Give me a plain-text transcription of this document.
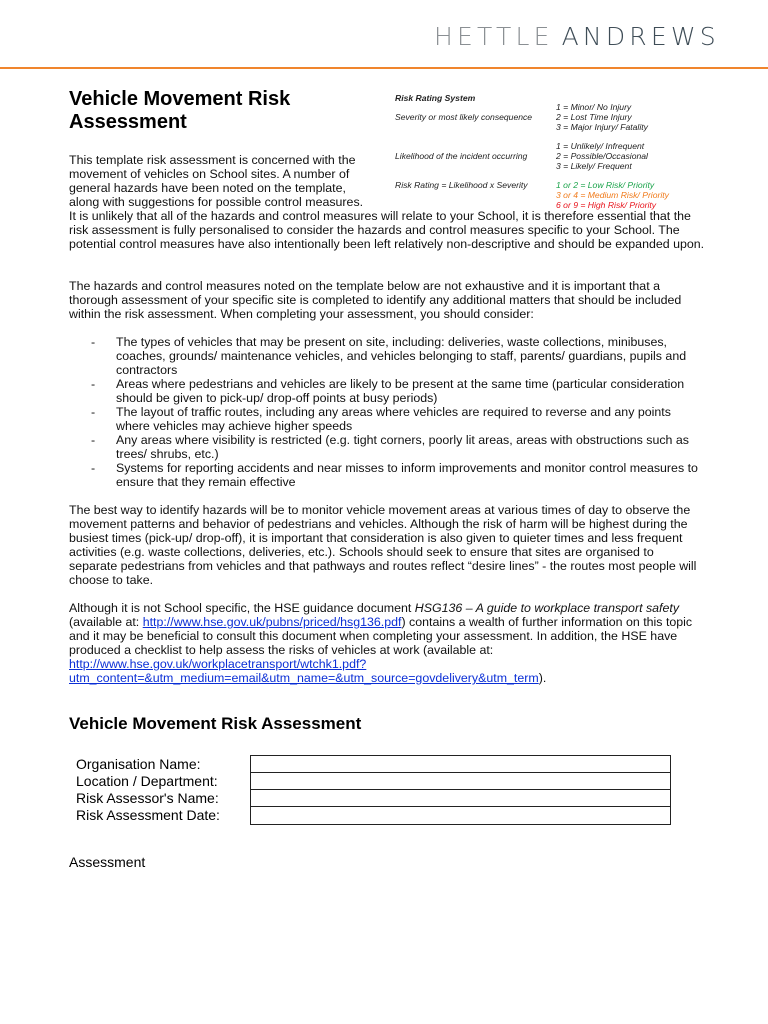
HETTLE ANDREWS
Vehicle Movement Risk Assessment
Risk Rating System
Severity or most likely consequence
1 = Minor/ No Injury
2 = Lost Time Injury
3 = Major Injury/ Fatality
Likelihood of the incident occurring
1 = Unlikely/ Infrequent
2 = Possible/Occasional
3 = Likely/ Frequent
Risk Rating = Likelihood x Severity	1 or 2 = Low Risk/ Priority
3 or 4 = Medium Risk/ Priority
6 or 9 = High Risk/ Priority
This template risk assessment is concerned with the
movement of vehicles on School sites. A number of
general hazards have been noted on the template,
along with suggestions for possible control measures.

It is unlikely that all of the hazards and control measures will relate to your School, it is therefore essential that the risk assessment is fully personalised to consider the hazards and control measures specific to your School. The potential control measures have also intentionally been left relatively non-descriptive and should be expanded upon.

The hazards and control measures noted on the template below are not exhaustive and it is important that a thorough assessment of your specific site is completed to identify any additional matters that should be included within the risk assessment. When completing your assessment, you should consider:

- The types of vehicles that may be present on site, including: deliveries, waste collections, minibuses, coaches, grounds/ maintenance vehicles, and vehicles belonging to staff, parents/ guardians, pupils and contractors
- Areas where pedestrians and vehicles are likely to be present at the same time (particular consideration should be given to pick-up/ drop-off points at busy periods)
- The layout of traffic routes, including any areas where vehicles are required to reverse and any points where vehicles may achieve higher speeds
- Any areas where visibility is restricted (e.g. tight corners, poorly lit areas, areas with obstructions such as trees/ shrubs, etc.)
- Systems for reporting accidents and near misses to inform improvements and monitor control measures to ensure that they remain effective

The best way to identify hazards will be to monitor vehicle movement areas at various times of day to observe the movement patterns and behavior of pedestrians and vehicles. Although the risk of harm will be highest during the busiest times (pick-up/ drop-off), it is important that consideration is also given to quieter times and less frequent activities (e.g. waste collections, deliveries, etc.). Schools should seek to ensure that sites are organised to separate pedestrians from vehicles and that pathways and routes reflect “desire lines” - the routes most people will choose to take.

Although it is not School specific, the HSE guidance document HSG136 – A guide to workplace transport safety (available at: http://www.hse.gov.uk/pubns/priced/hsg136.pdf) contains a wealth of further information on this topic and it may be beneficial to consult this document when completing your assessment. In addition, the HSE have produced a checklist to help assess the risks of vehicles at work (available at:
http://www.hse.gov.uk/workplacetransport/wtchk1.pdf?
utm_content=&utm_medium=email&utm_name=&utm_source=govdelivery&utm_term).

Vehicle Movement Risk Assessment
Organisation Name:
Location / Department:
Risk Assessor's Name:
Risk Assessment Date:
Assessment
